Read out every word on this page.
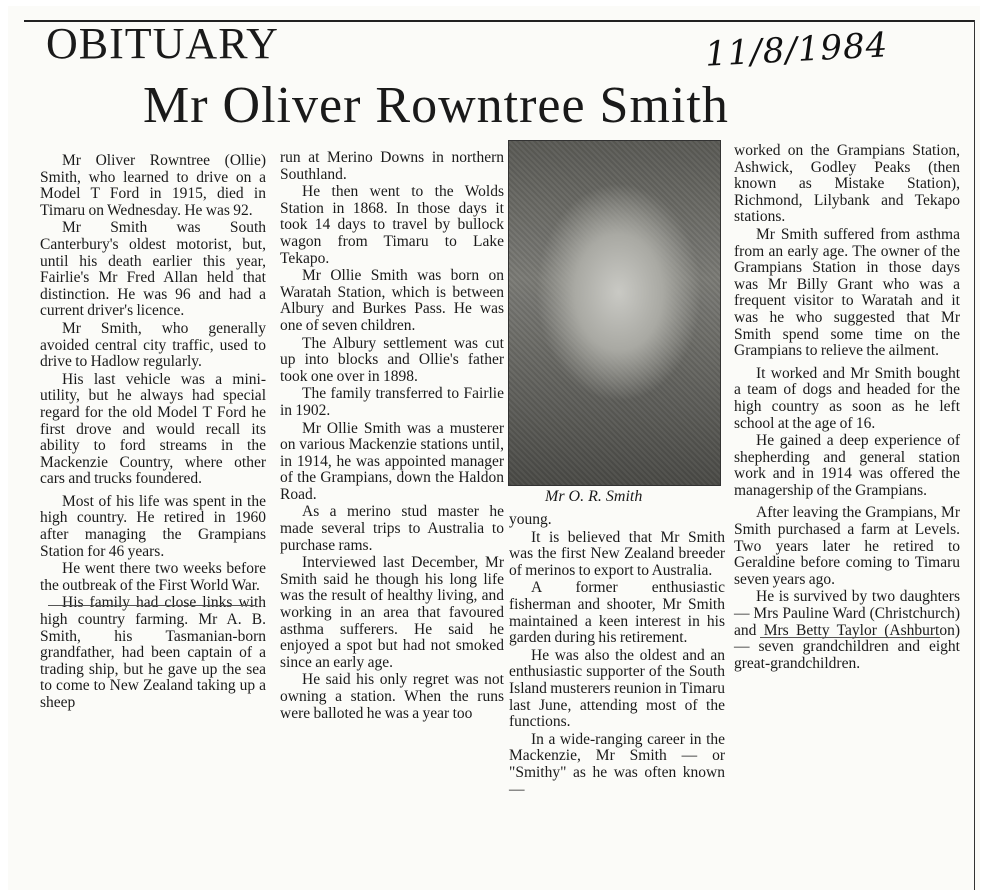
OBITUARY	11/8/1984
Mr Oliver Rowntree Smith

Mr Oliver Rowntree (Ollie) Smith, who learned to drive on a Model T Ford in 1915, died in Timaru on Wednesday. He was 92.

Mr Smith was South Canterbury's oldest motorist, but, until his death earlier this year, Fairlie's Mr Fred Allan held that distinction. He was 96 and had a current driver's licence.

Mr Smith, who generally avoided central city traffic, used to drive to Hadlow regularly.

His last vehicle was a mini-utility, but he always had special regard for the old Model T Ford he first drove and would recall its ability to ford streams in the Mackenzie Country, where other cars and trucks foundered.

Most of his life was spent in the high country. He retired in 1960 after managing the Grampians Station for 46 years.

He went there two weeks before the outbreak of the First World War.

His family had close links with high country farming. Mr A. B. Smith, his Tasmanian-born grandfather, had been captain of a trading ship, but he gave up the sea to come to New Zealand taking up a sheep

run at Merino Downs in northern Southland.

He then went to the Wolds Station in 1868. In those days it took 14 days to travel by bullock wagon from Timaru to Lake Tekapo.

Mr Ollie Smith was born on Waratah Station, which is between Albury and Burkes Pass. He was one of seven children.

The Albury settlement was cut up into blocks and Ollie's father took one over in 1898.

The family transferred to Fairlie in 1902.

Mr Ollie Smith was a musterer on various Mackenzie stations until, in 1914, he was appointed manager of the Grampians, down the Haldon Road.

As a merino stud master he made several trips to Australia to purchase rams.

Interviewed last December, Mr Smith said he though his long life was the result of healthy living, and working in an area that favoured asthma sufferers. He said he enjoyed a spot but had not smoked since an early age.

He said his only regret was not owning a station. When the runs were balloted he was a year too

Mr O. R. Smith

young.

It is believed that Mr Smith was the first New Zealand breeder of merinos to export to Australia.

A former enthusiastic fisherman and shooter, Mr Smith maintained a keen interest in his garden during his retirement.

He was also the oldest and an enthusiastic supporter of the South Island musterers reunion in Timaru last June, attending most of the functions.

In a wide-ranging career in the Mackenzie, Mr Smith — or "Smithy" as he was often known —

worked on the Grampians Station, Ashwick, Godley Peaks (then known as Mistake Station), Richmond, Lilybank and Tekapo stations.

Mr Smith suffered from asthma from an early age. The owner of the Grampians Station in those days was Mr Billy Grant who was a frequent visitor to Waratah and it was he who suggested that Mr Smith spend some time on the Grampians to relieve the ailment.

It worked and Mr Smith bought a team of dogs and headed for the high country as soon as he left school at the age of 16.

He gained a deep experience of shepherding and general station work and in 1914 was offered the managership of the Grampians.

After leaving the Grampians, Mr Smith purchased a farm at Levels. Two years later he retired to Geraldine before coming to Timaru seven years ago.

He is survived by two daughters — Mrs Pauline Ward (Christchurch) and Mrs Betty Taylor (Ashburton) — seven grandchildren and eight great-grandchildren.
